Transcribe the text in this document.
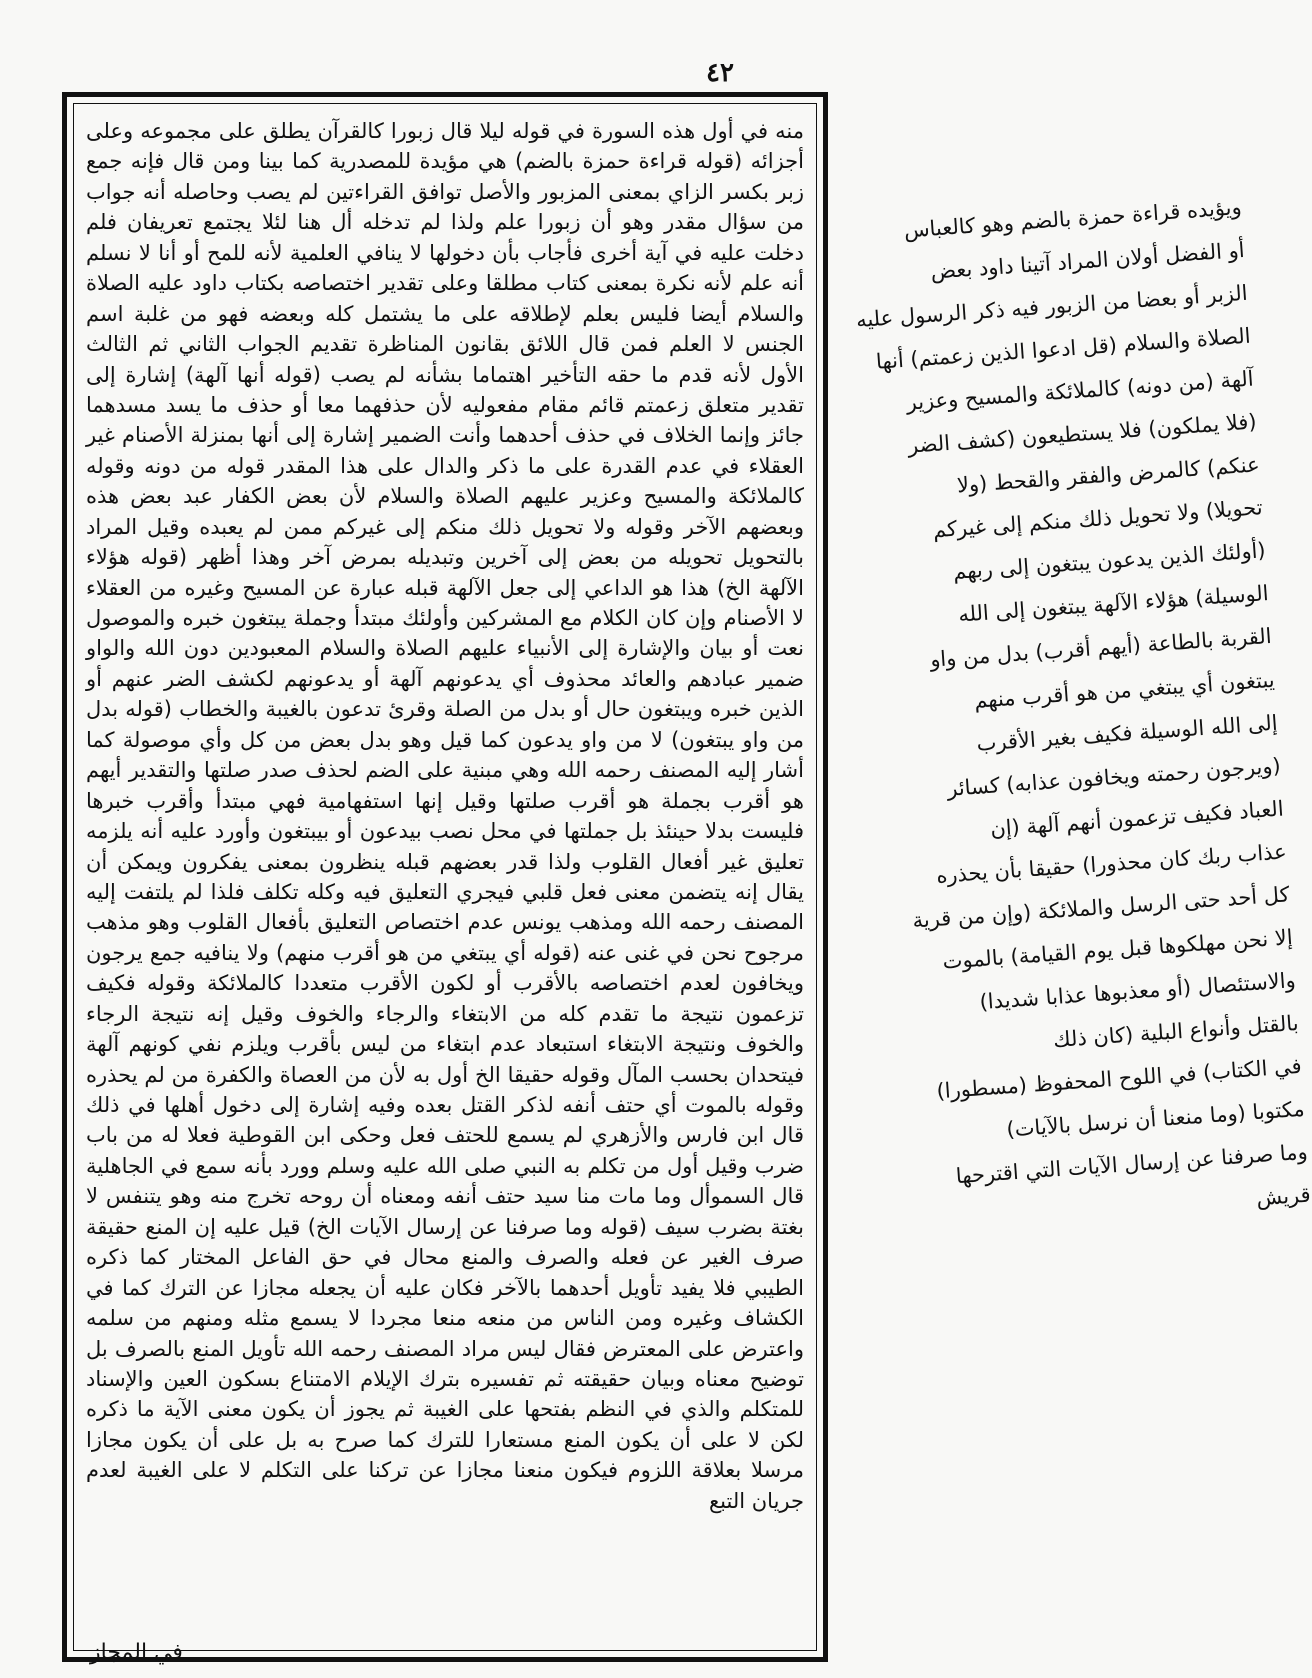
٤٢

منه في أول هذه السورة في قوله ليلا قال زبورا كالقرآن يطلق على مجموعه وعلى أجزائه (قوله قراءة حمزة بالضم) هي مؤيدة للمصدرية كما بينا ومن قال فإنه جمع زبر بكسر الزاي بمعنى المزبور والأصل توافق القراءتين لم يصب وحاصله أنه جواب من سؤال مقدر وهو أن زبورا علم ولذا لم تدخله أل هنا لئلا يجتمع تعريفان فلم دخلت عليه في آية أخرى فأجاب بأن دخولها لا ينافي العلمية لأنه للمح أو أنا لا نسلم أنه علم لأنه نكرة بمعنى كتاب مطلقا وعلى تقدير اختصاصه بكتاب داود عليه الصلاة والسلام أيضا فليس بعلم لإطلاقه على ما يشتمل كله وبعضه فهو من غلبة اسم الجنس لا العلم فمن قال اللائق بقانون المناظرة تقديم الجواب الثاني ثم الثالث الأول لأنه قدم ما حقه التأخير اهتماما بشأنه لم يصب (قوله أنها آلهة) إشارة إلى تقدير متعلق زعمتم قائم مقام مفعوليه لأن حذفهما معا أو حذف ما يسد مسدهما جائز وإنما الخلاف في حذف أحدهما وأنت الضمير إشارة إلى أنها بمنزلة الأصنام غير العقلاء في عدم القدرة على ما ذكر والدال على هذا المقدر قوله من دونه وقوله كالملائكة والمسيح وعزير عليهم الصلاة والسلام لأن بعض الكفار عبد بعض هذه وبعضهم الآخر وقوله ولا تحويل ذلك منكم إلى غيركم ممن لم يعبده وقيل المراد بالتحويل تحويله من بعض إلى آخرين وتبديله بمرض آخر وهذا أظهر (قوله هؤلاء الآلهة الخ) هذا هو الداعي إلى جعل الآلهة قبله عبارة عن المسيح وغيره من العقلاء لا الأصنام وإن كان الكلام مع المشركين وأولئك مبتدأ وجملة يبتغون خبره والموصول نعت أو بيان والإشارة إلى الأنبياء عليهم الصلاة والسلام المعبودين دون الله والواو ضمير عبادهم والعائد محذوف أي يدعونهم آلهة أو يدعونهم لكشف الضر عنهم أو الذين خبره ويبتغون حال أو بدل من الصلة وقرئ تدعون بالغيبة والخطاب (قوله بدل من واو يبتغون) لا من واو يدعون كما قيل وهو بدل بعض من كل وأي موصولة كما أشار إليه المصنف رحمه الله وهي مبنية على الضم لحذف صدر صلتها والتقدير أيهم هو أقرب بجملة هو أقرب صلتها وقيل إنها استفهامية فهي مبتدأ وأقرب خبرها فليست بدلا حينئذ بل جملتها في محل نصب بيدعون أو بيبتغون وأورد عليه أنه يلزمه تعليق غير أفعال القلوب ولذا قدر بعضهم قبله ينظرون بمعنى يفكرون ويمكن أن يقال إنه يتضمن معنى فعل قلبي فيجري التعليق فيه وكله تكلف فلذا لم يلتفت إليه المصنف رحمه الله ومذهب يونس عدم اختصاص التعليق بأفعال القلوب وهو مذهب مرجوح نحن في غنى عنه (قوله أي يبتغي من هو أقرب منهم) ولا ينافيه جمع يرجون ويخافون لعدم اختصاصه بالأقرب أو لكون الأقرب متعددا كالملائكة وقوله فكيف تزعمون نتيجة ما تقدم كله من الابتغاء والرجاء والخوف وقيل إنه نتيجة الرجاء والخوف ونتيجة الابتغاء استبعاد عدم ابتغاء من ليس بأقرب ويلزم نفي كونهم آلهة فيتحدان بحسب المآل وقوله حقيقا الخ أول به لأن من العصاة والكفرة من لم يحذره وقوله بالموت أي حتف أنفه لذكر القتل بعده وفيه إشارة إلى دخول أهلها في ذلك قال ابن فارس والأزهري لم يسمع للحتف فعل وحكى ابن القوطية فعلا له من باب ضرب وقيل أول من تكلم به النبي صلى الله عليه وسلم وورد بأنه سمع في الجاهلية قال السموأل وما مات منا سيد حتف أنفه ومعناه أن روحه تخرج منه وهو يتنفس لا بغتة بضرب سيف (قوله وما صرفنا عن إرسال الآيات الخ) قيل عليه إن المنع حقيقة صرف الغير عن فعله والصرف والمنع محال في حق الفاعل المختار كما ذكره الطيبي فلا يفيد تأويل أحدهما بالآخر فكان عليه أن يجعله مجازا عن الترك كما في الكشاف وغيره ومن الناس من منعه منعا مجردا لا يسمع مثله ومنهم من سلمه واعترض على المعترض فقال ليس مراد المصنف رحمه الله تأويل المنع بالصرف بل توضيح معناه وبيان حقيقته ثم تفسيره بترك الإيلام الامتناع بسكون العين والإسناد للمتكلم والذي في النظم بفتحها على الغيبة ثم يجوز أن يكون معنى الآية ما ذكره لكن لا على أن يكون المنع مستعارا للترك كما صرح به بل على أن يكون مجازا مرسلا بعلاقة اللزوم فيكون منعنا مجازا عن تركنا على التكلم لا على الغيبة لعدم جريان التبع

في المجاز

ويؤيده قراءة حمزة بالضم وهو كالعباس

أو الفضل أولان المراد آتينا داود بعض

الزبر أو بعضا من الزبور فيه ذكر الرسول عليه

الصلاة والسلام (قل ادعوا الذين زعمتم) أنها

آلهة (من دونه) كالملائكة والمسيح وعزير

(فلا يملكون) فلا يستطيعون (كشف الضر

عنكم) كالمرض والفقر والقحط (ولا

تحويلا) ولا تحويل ذلك منكم إلى غيركم

(أولئك الذين يدعون يبتغون إلى ربهم

الوسيلة) هؤلاء الآلهة يبتغون إلى الله

القربة بالطاعة (أيهم أقرب) بدل من واو

يبتغون أي يبتغي من هو أقرب منهم

إلى الله الوسيلة فكيف بغير الأقرب

(ويرجون رحمته ويخافون عذابه) كسائر

العباد فكيف تزعمون أنهم آلهة (إن

عذاب ربك كان محذورا) حقيقا بأن يحذره

كل أحد حتى الرسل والملائكة (وإن من قرية

إلا نحن مهلكوها قبل يوم القيامة) بالموت

والاستئصال (أو معذبوها عذابا شديدا)

بالقتل وأنواع البلية (كان ذلك

في الكتاب) في اللوح المحفوظ (مسطورا)

مكتوبا (وما منعنا أن نرسل بالآيات)

وما صرفنا عن إرسال الآيات التي اقترحها

قريش
